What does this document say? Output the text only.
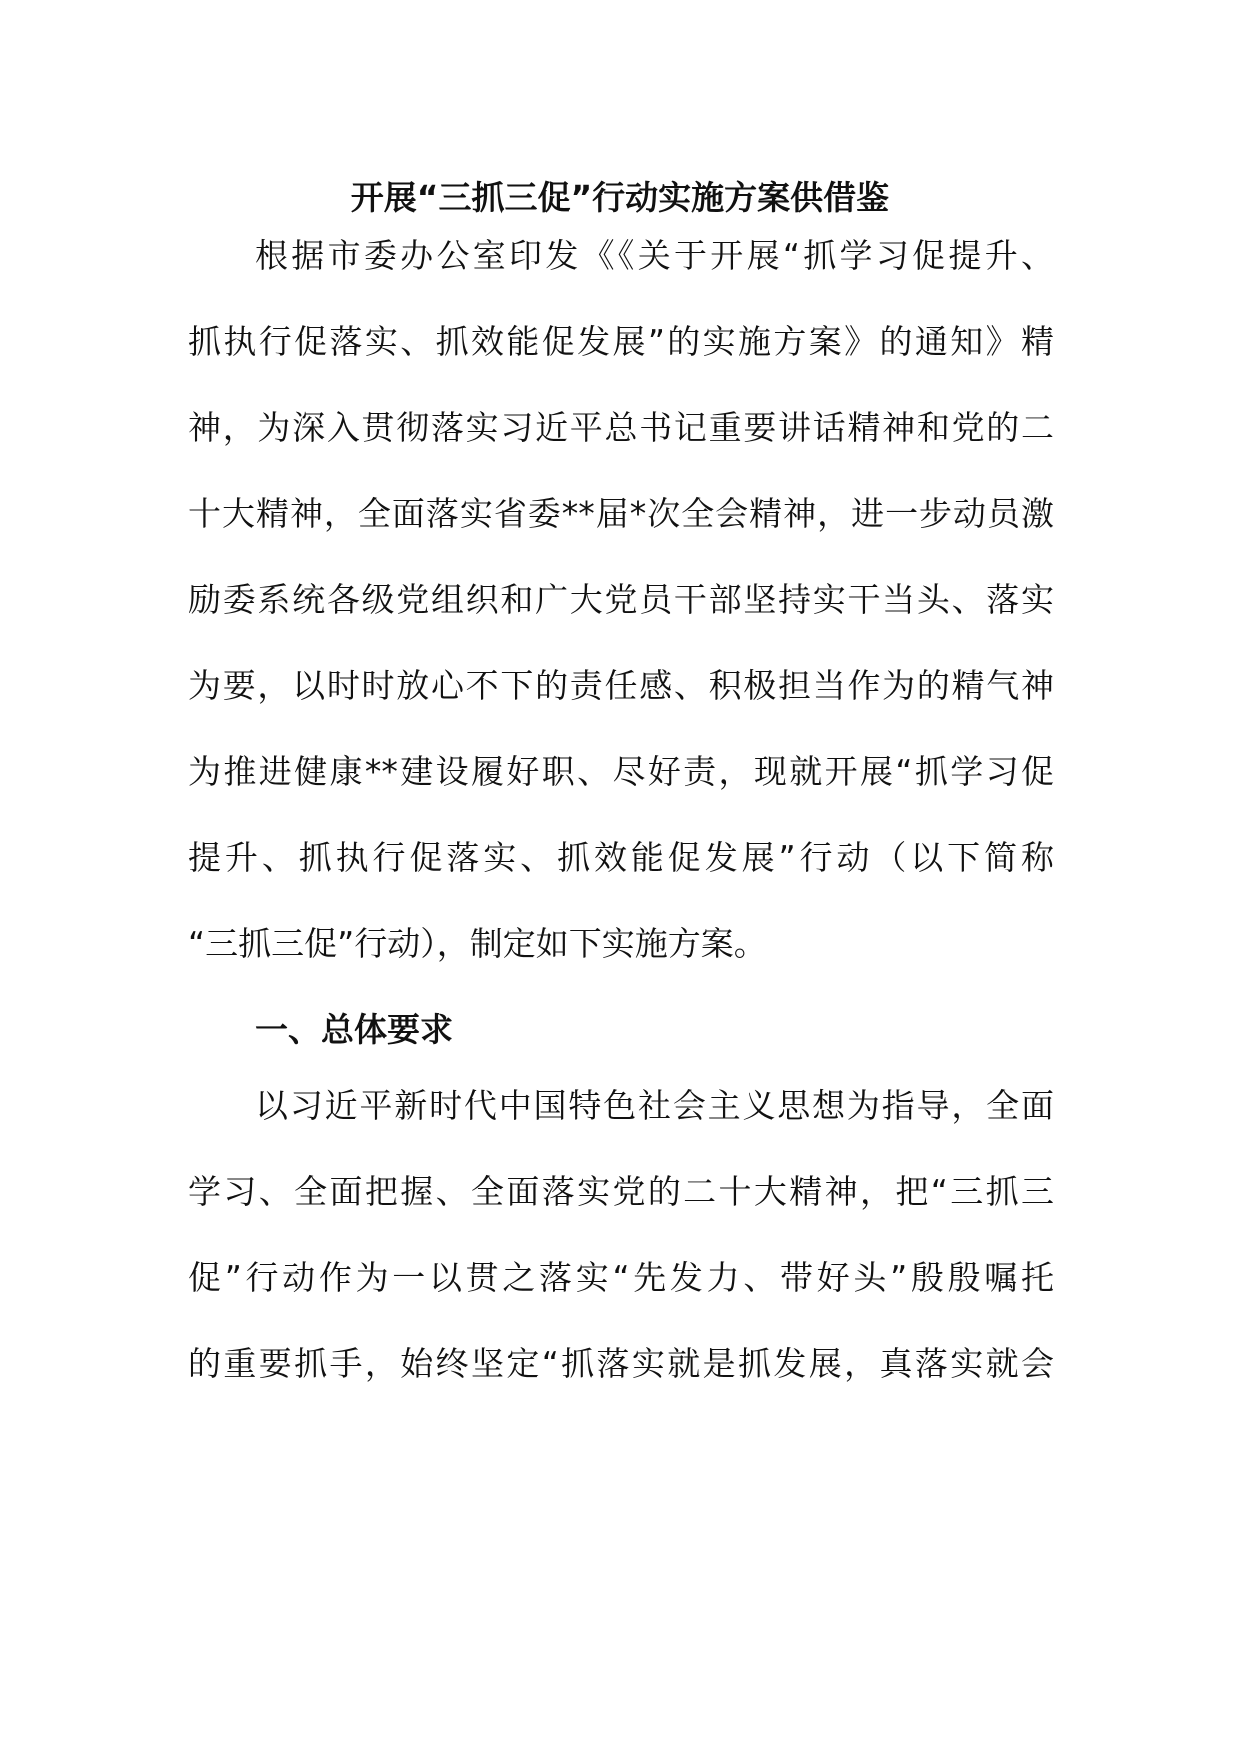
开展“三抓三促”行动实施方案供借鉴
根据市委办公室印发《《关于开展“抓学习促提升、
抓执行促落实、抓效能促发展”的实施方案》的通知》精
神，为深入贯彻落实习近平总书记重要讲话精神和党的二
十大精神，全面落实省委**届*次全会精神，进一步动员激
励委系统各级党组织和广大党员干部坚持实干当头、落实
为要，以时时放心不下的责任感、积极担当作为的精气神
为推进健康**建设履好职、尽好责，现就开展“抓学习促
提升、抓执行促落实、抓效能促发展”行动（以下简称
“三抓三促”行动），制定如下实施方案。
一、总体要求
以习近平新时代中国特色社会主义思想为指导，全面
学习、全面把握、全面落实党的二十大精神，把“三抓三
促”行动作为一以贯之落实“先发力、带好头”殷殷嘱托
的重要抓手，始终坚定“抓落实就是抓发展，真落实就会
